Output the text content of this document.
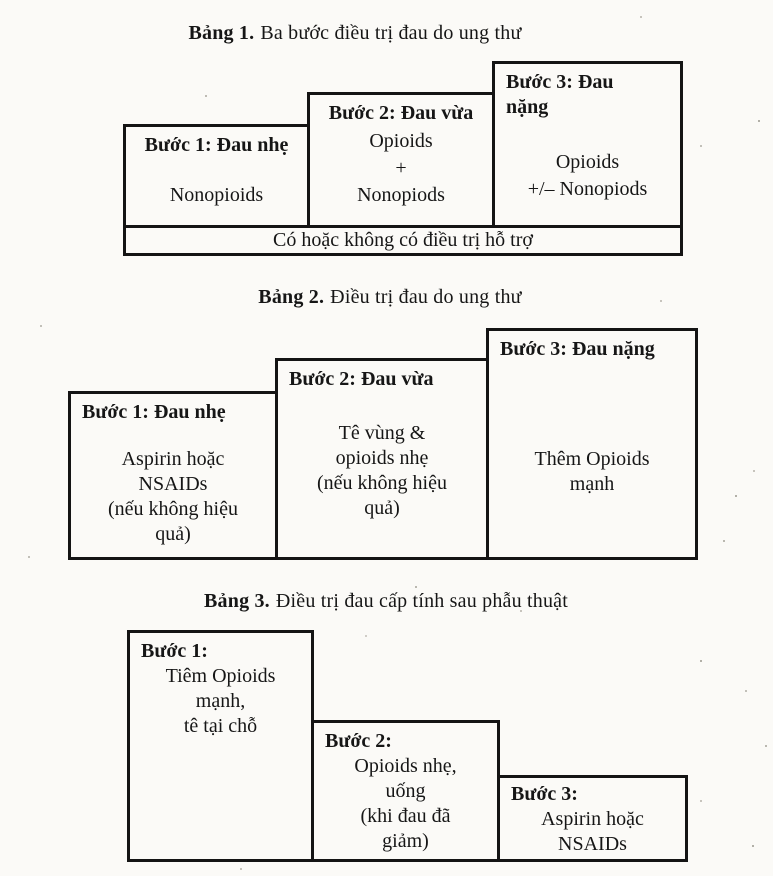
Bảng 1. Ba bước điều trị đau do ung thư
Bước 1: Đau nhẹ
Nonopioids
Bước 2: Đau vừa
Opioids
+
Nonopiods
Bước 3: Đau nặng
Opioids
+/– Nonopiods
Có hoặc không có điều trị hỗ trợ
Bảng 2. Điều trị đau do ung thư
Bước 1: Đau nhẹ
Aspirin hoặc
NSAIDs
(nếu không hiệu
quả)
Bước 2: Đau vừa
Tê vùng &
opioids nhẹ
(nếu không hiệu
quả)
Bước 3: Đau nặng
Thêm Opioids
mạnh
Bảng 3. Điều trị đau cấp tính sau phẫu thuật
Bước 1:
Tiêm Opioids
mạnh,
tê tại chỗ
Bước 2:
Opioids nhẹ,
uống
(khi đau đã
giảm)
Bước 3:
Aspirin hoặc
NSAIDs
